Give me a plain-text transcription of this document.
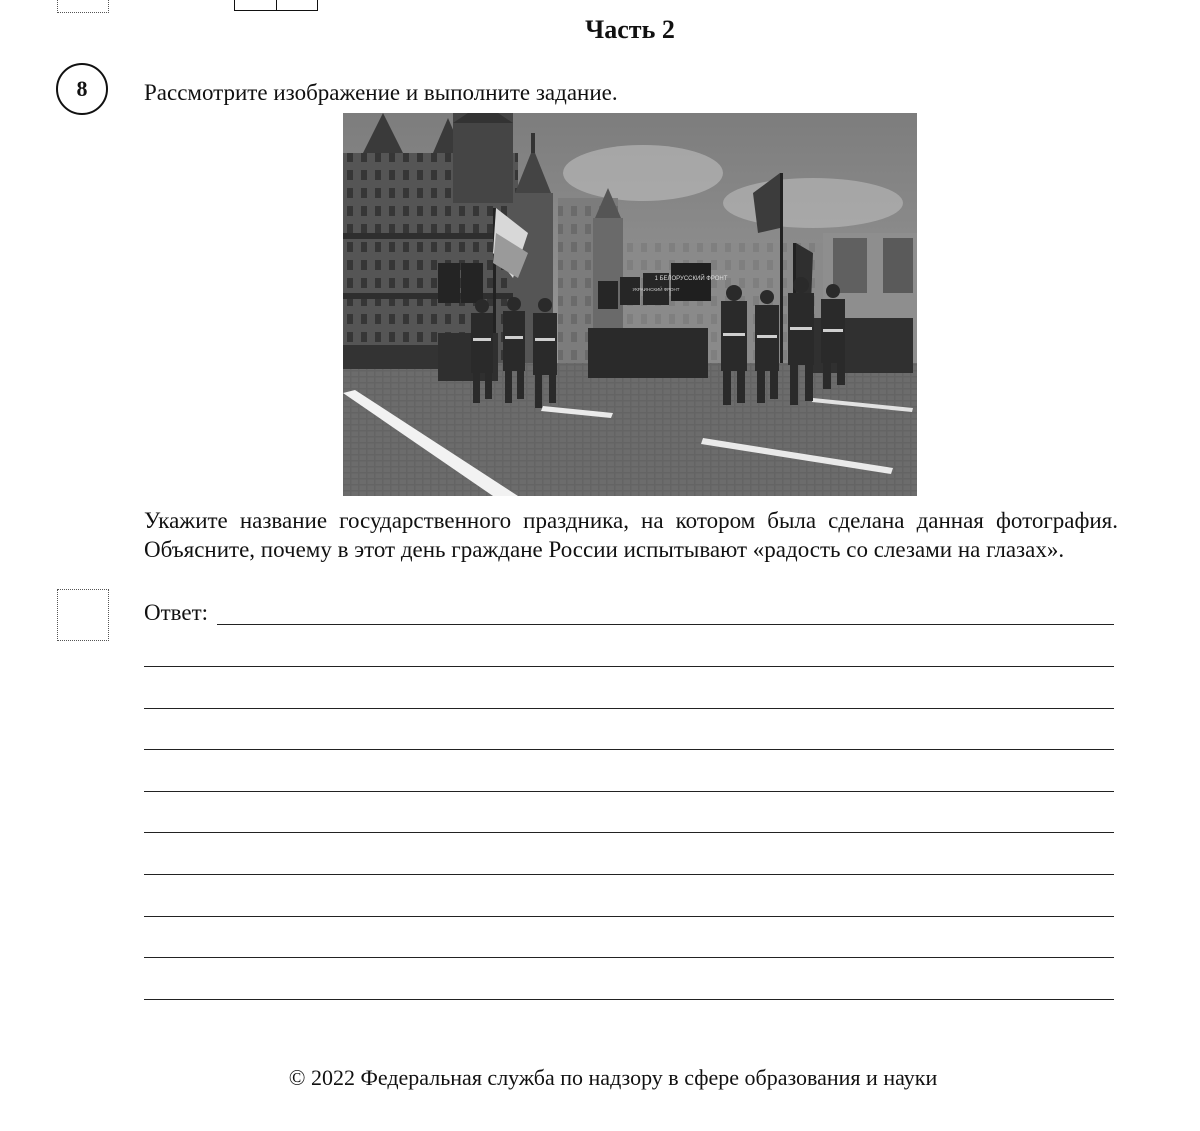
Часть 2
8 Рассмотрите изображение и выполните задание.
1 БЕЛОРУССКИЙ ФРОНТ
УКРАИНСКИЙ ФРОНТ
Укажите название государственного праздника, на котором была сделана данная фотография. Объясните, почему в этот день граждане России испытывают «радость со слезами на глазах».
Ответ:
© 2022 Федеральная служба по надзору в сфере образования и науки
